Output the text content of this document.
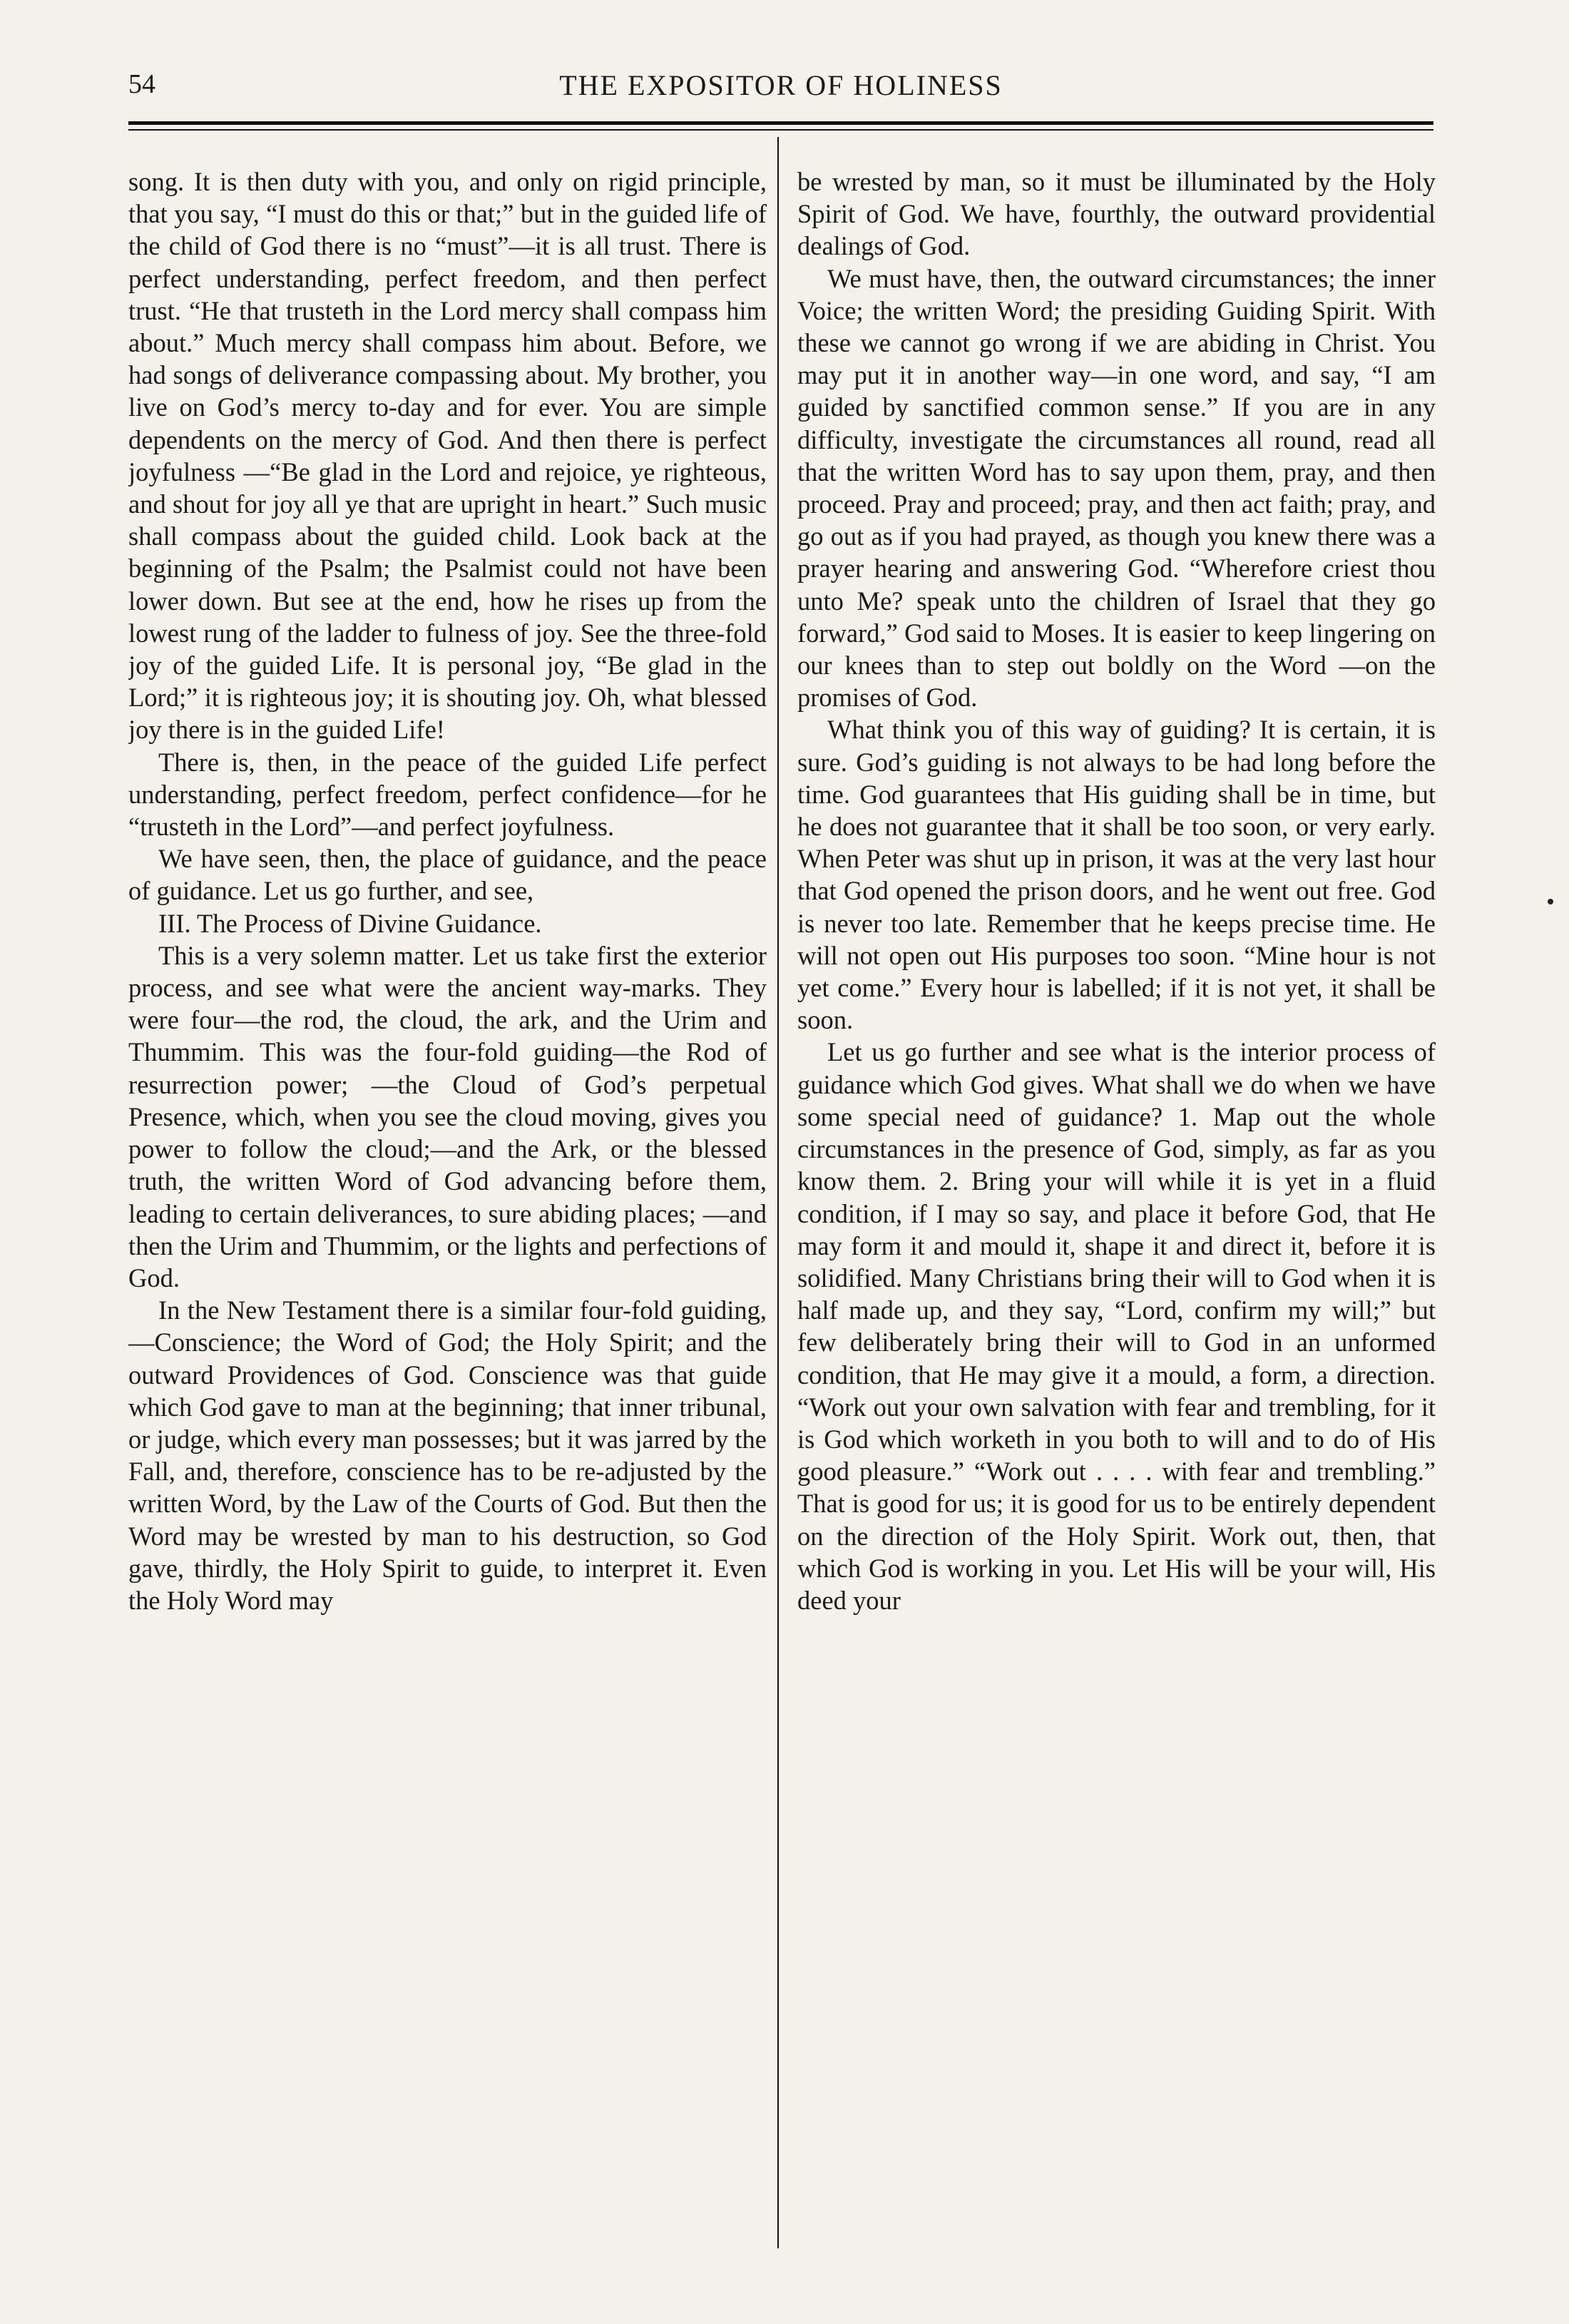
54	THE EXPOSITOR OF HOLINESS

song. It is then duty with you, and only on rigid principle, that you say, “I must do this or that;” but in the guided life of the child of God there is no “must”—it is all trust. There is perfect understanding, perfect freedom, and then perfect trust. “He that trusteth in the Lord mercy shall compass him about.” Much mercy shall compass him about. Before, we had songs of deliverance compassing about. My brother, you live on God’s mercy to-day and for ever. You are simple dependents on the mercy of God. And then there is perfect joyfulness —“Be glad in the Lord and rejoice, ye righteous, and shout for joy all ye that are upright in heart.” Such music shall compass about the guided child. Look back at the beginning of the Psalm; the Psalmist could not have been lower down. But see at the end, how he rises up from the lowest rung of the ladder to fulness of joy. See the three-fold joy of the guided Life. It is personal joy, “Be glad in the Lord;” it is righteous joy; it is shouting joy. Oh, what blessed joy there is in the guided Life!

There is, then, in the peace of the guided Life perfect understanding, perfect freedom, perfect confidence—for he “trusteth in the Lord”—and perfect joyfulness.

We have seen, then, the place of guidance, and the peace of guidance. Let us go further, and see,

III. The Process of Divine Guidance.

This is a very solemn matter. Let us take first the exterior process, and see what were the ancient way-marks. They were four—the rod, the cloud, the ark, and the Urim and Thummim. This was the four-fold guiding—the Rod of resurrection power; —the Cloud of God’s perpetual Presence, which, when you see the cloud moving, gives you power to follow the cloud;—and the Ark, or the blessed truth, the written Word of God advancing before them, leading to certain deliverances, to sure abiding places; —and then the Urim and Thummim, or the lights and perfections of God.

In the New Testament there is a similar four-fold guiding,—Conscience; the Word of God; the Holy Spirit; and the outward Providences of God. Conscience was that guide which God gave to man at the beginning; that inner tribunal, or judge, which every man possesses; but it was jarred by the Fall, and, therefore, conscience has to be re-adjusted by the written Word, by the Law of the Courts of God. But then the Word may be wrested by man to his destruction, so God gave, thirdly, the Holy Spirit to guide, to interpret it. Even the Holy Word may

be wrested by man, so it must be illuminated by the Holy Spirit of God. We have, fourthly, the outward providential dealings of God.

We must have, then, the outward circumstances; the inner Voice; the written Word; the presiding Guiding Spirit. With these we cannot go wrong if we are abiding in Christ. You may put it in another way—in one word, and say, “I am guided by sanctified common sense.” If you are in any difficulty, investigate the circumstances all round, read all that the written Word has to say upon them, pray, and then proceed. Pray and proceed; pray, and then act faith; pray, and go out as if you had prayed, as though you knew there was a prayer hearing and answering God. “Wherefore criest thou unto Me? speak unto the children of Israel that they go forward,” God said to Moses. It is easier to keep lingering on our knees than to step out boldly on the Word —on the promises of God.

What think you of this way of guiding? It is certain, it is sure. God’s guiding is not always to be had long before the time. God guarantees that His guiding shall be in time, but he does not guarantee that it shall be too soon, or very early. When Peter was shut up in prison, it was at the very last hour that God opened the prison doors, and he went out free. God is never too late. Remember that he keeps precise time. He will not open out His purposes too soon. “Mine hour is not yet come.” Every hour is labelled; if it is not yet, it shall be soon.

Let us go further and see what is the interior process of guidance which God gives. What shall we do when we have some special need of guidance? 1. Map out the whole circumstances in the presence of God, simply, as far as you know them. 2. Bring your will while it is yet in a fluid condition, if I may so say, and place it before God, that He may form it and mould it, shape it and direct it, before it is solidified. Many Christians bring their will to God when it is half made up, and they say, “Lord, confirm my will;” but few deliberately bring their will to God in an unformed condition, that He may give it a mould, a form, a direction. “Work out your own salvation with fear and trembling, for it is God which worketh in you both to will and to do of His good pleasure.” “Work out . . . . with fear and trembling.” That is good for us; it is good for us to be entirely dependent on the direction of the Holy Spirit. Work out, then, that which God is working in you. Let His will be your will, His deed your
